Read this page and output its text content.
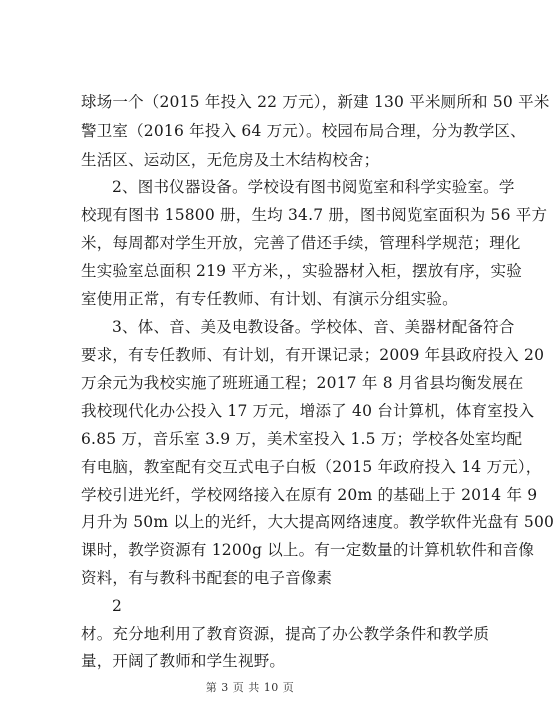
球场一个（2015 年投入 22 万元），新建 130 平米厕所和 50 平米
警卫室（2016 年投入 64 万元）。校园布局合理，分为教学区、
生活区、运动区，无危房及土木结构校舍；
2、图书仪器设备。学校设有图书阅览室和科学实验室。学
校现有图书 15800 册，生均 34.7 册，图书阅览室面积为 56 平方
米，每周都对学生开放，完善了借还手续，管理科学规范；理化
生实验室总面积 219 平方米，，实验器材入柜，摆放有序，实验
室使用正常，有专任教师、有计划、有演示分组实验。
3、体、音、美及电教设备。学校体、音、美器材配备符合
要求，有专任教师、有计划，有开课记录；2009 年县政府投入 20
万余元为我校实施了班班通工程；2017 年 8 月省县均衡发展在
我校现代化办公投入 17 万元，增添了 40 台计算机，体育室投入
6.85 万，音乐室 3.9 万，美术室投入 1.5 万；学校各处室均配
有电脑，教室配有交互式电子白板（2015 年政府投入 14 万元），
学校引进光纤，学校网络接入在原有 20m 的基础上于 2014 年 9
月升为 50m 以上的光纤，大大提高网络速度。教学软件光盘有 500
课时，教学资源有 1200g 以上。有一定数量的计算机软件和音像
资料，有与教科书配套的电子音像素
2
材。充分地利用了教育资源，提高了办公教学条件和教学质
量，开阔了教师和学生视野。
第 3 页 共 10 页
